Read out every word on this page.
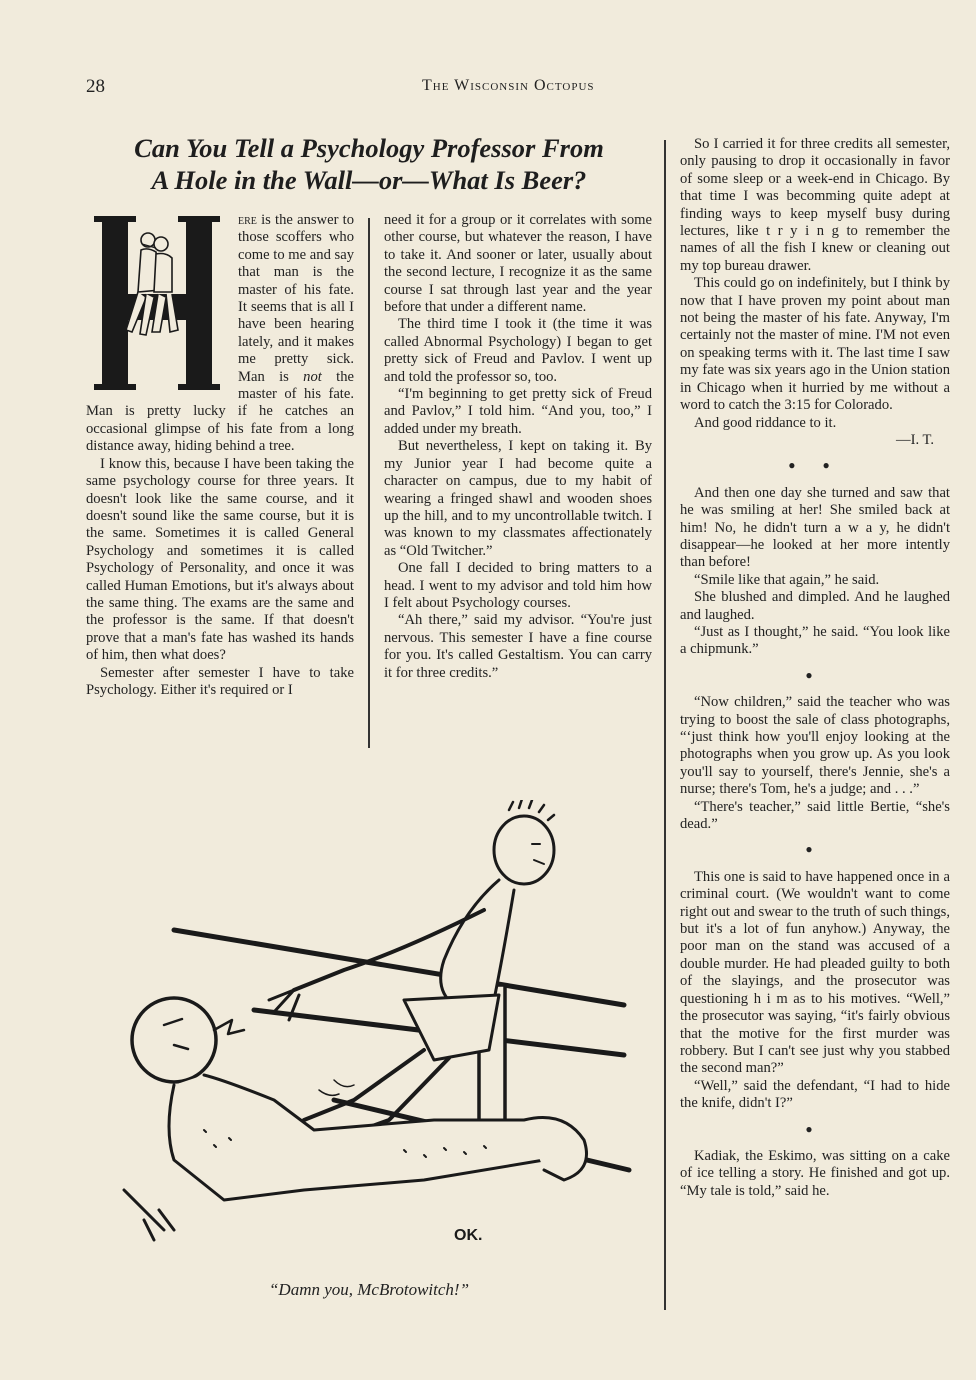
28	The Wisconsin Octopus
Can You Tell a Psychology Professor From
A Hole in the Wall—or—What Is Beer?

ere is the answer to those scoffers who come to me and say that man is the master of his fate. It seems that is all I have been hearing lately, and it makes me pretty sick. Man is not the master of his fate. Man is pretty lucky if he catches an occasional glimpse of his fate from a long distance away, hiding behind a tree.

I know this, because I have been taking the same psychology course for three years. It doesn't look like the same course, and it doesn't sound like the same course, but it is the same. Sometimes it is called General Psychology and sometimes it is called Psychology of Personality, and once it was called Human Emotions, but it's always about the same thing. The exams are the same and the professor is the same. If that doesn't prove that a man's fate has washed its hands of him, then what does?

Semester after semester I have to take Psychology. Either it's required or I

need it for a group or it correlates with some other course, but whatever the reason, I have to take it. And sooner or later, usually about the second lecture, I recognize it as the same course I sat through last year and the year before that under a different name.

The third time I took it (the time it was called Abnormal Psychology) I began to get pretty sick of Freud and Pavlov. I went up and told the professor so, too.

“I'm beginning to get pretty sick of Freud and Pavlov,” I told him. “And you, too,” I added under my breath.

But nevertheless, I kept on taking it. By my Junior year I had become quite a character on campus, due to my habit of wearing a fringed shawl and wooden shoes up the hill, and to my uncontrollable twitch. I was known to my classmates affectionately as “Old Twitcher.”

One fall I decided to bring matters to a head. I went to my advisor and told him how I felt about Psychology courses.

“Ah there,” said my advisor. “You're just nervous. This semester I have a fine course for you. It's called Gestaltism. You can carry it for three credits.”

So I carried it for three credits all semester, only pausing to drop it occasionally in favor of some sleep or a week-end in Chicago. By that time I was becomming quite adept at finding ways to keep myself busy during lectures, like t r y i n g to remember the names of all the fish I knew or cleaning out my top bureau drawer.

This could go on indefinitely, but I think by now that I have proven my point about man not being the master of his fate. Anyway, I'm certainly not the master of mine. I'M not even on speaking terms with it. The last time I saw my fate was six years ago in the Union station in Chicago when it hurried by me without a word to catch the 3:15 for Colorado.

And good riddance to it.

—I. T.

● ●

And then one day she turned and saw that he was smiling at her! She smiled back at him! No, he didn't turn a w a y, he didn't disappear—he looked at her more intently than before!

“Smile like that again,” he said.

She blushed and dimpled. And he laughed and laughed.

“Just as I thought,” he said. “You look like a chipmunk.”

●

“Now children,” said the teacher who was trying to boost the sale of class photographs, “‘just think how you'll enjoy looking at the photographs when you grow up. As you look you'll say to yourself, there's Jennie, she's a nurse; there's Tom, he's a judge; and . . .”

“There's teacher,” said little Bertie, “she's dead.”

●

This one is said to have happened once in a criminal court. (We wouldn't want to come right out and swear to the truth of such things, but it's a lot of fun anyhow.) Anyway, the poor man on the stand was accused of a double murder. He had pleaded guilty to both of the slayings, and the prosecutor was questioning h i m as to his motives. “Well,” the prosecutor was saying, “it's fairly obvious that the motive for the first murder was robbery. But I can't see just why you stabbed the second man?”

“Well,” said the defendant, “I had to hide the knife, didn't I?”

●

Kadiak, the Eskimo, was sitting on a cake of ice telling a story. He finished and got up. “My tale is told,” said he.

OK.
“Damn you, McBrotowitch!”
